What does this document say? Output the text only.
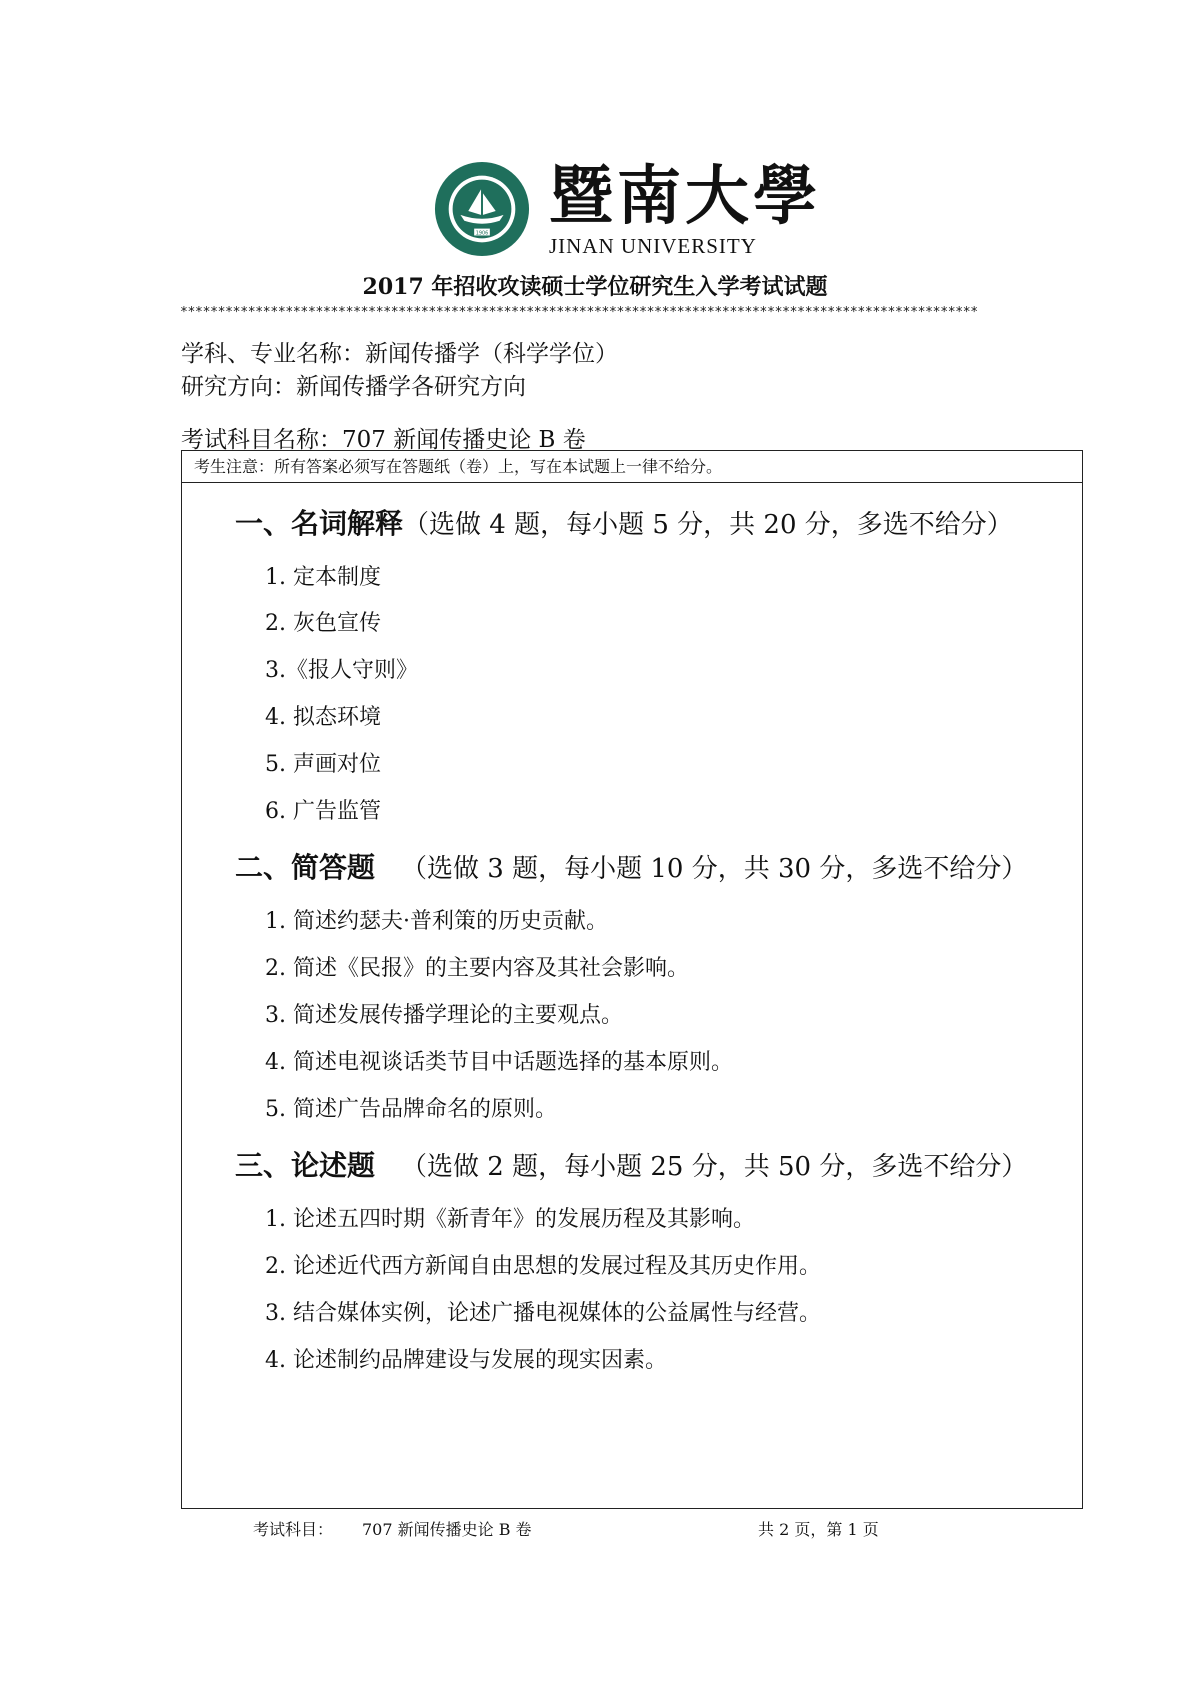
1906 暨南大學
JINAN UNIVERSITY
2017 年招收攻读硕士学位研究生入学考试试题
**********************************************************************************************************
学科、专业名称：新闻传播学（科学学位）
研究方向：新闻传播学各研究方向
考试科目名称：707 新闻传播史论 B 卷
考生注意：所有答案必须写在答题纸（卷）上，写在本试题上一律不给分。
一、名词解释（选做 4 题，每小题 5 分，共 20 分，多选不给分）
1. 定本制度
2. 灰色宣传
3.《报人守则》
4. 拟态环境
5. 声画对位
6. 广告监管
二、简答题 （选做 3 题，每小题 10 分，共 30 分，多选不给分）
1. 简述约瑟夫·普利策的历史贡献。
2. 简述《民报》的主要内容及其社会影响。
3. 简述发展传播学理论的主要观点。
4. 简述电视谈话类节目中话题选择的基本原则。
5. 简述广告品牌命名的原则。
三、论述题 （选做 2 题，每小题 25 分，共 50 分，多选不给分）
1. 论述五四时期《新青年》的发展历程及其影响。
2. 论述近代西方新闻自由思想的发展过程及其历史作用。
3. 结合媒体实例，论述广播电视媒体的公益属性与经营。
4. 论述制约品牌建设与发展的现实因素。
考试科目： 707 新闻传播史论 B 卷	共 2 页，第 1 页
